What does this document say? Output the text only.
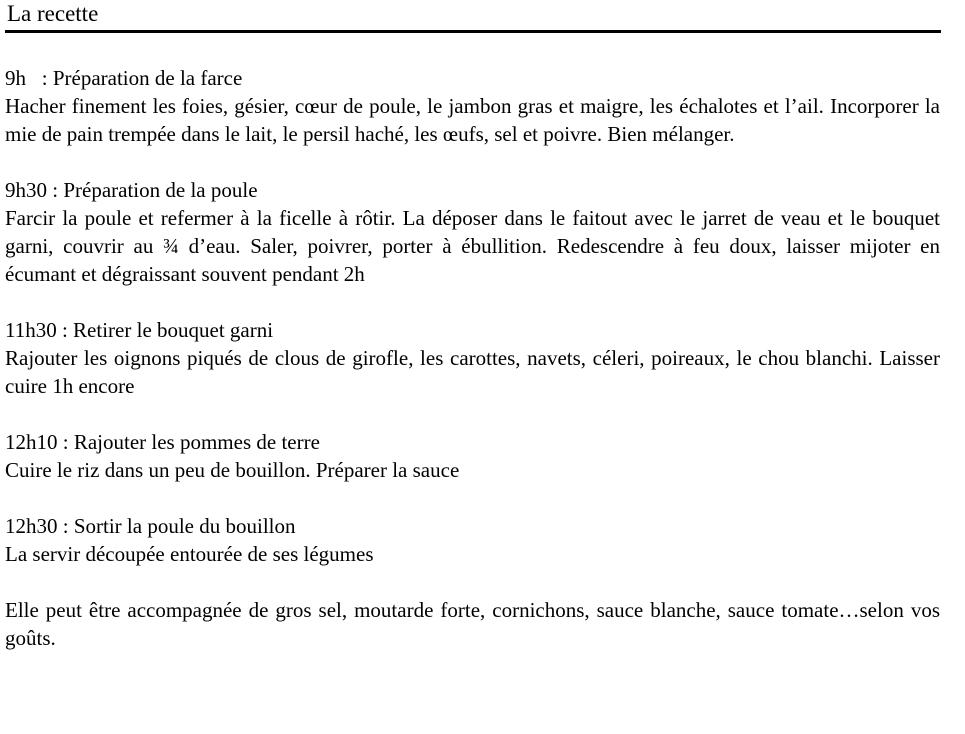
La recette

9h   : Préparation de la farce

Hacher finement les foies, gésier, cœur de poule, le jambon gras et maigre, les échalotes et l’ail. Incorporer la mie de pain trempée dans le lait, le persil haché, les œufs, sel et poivre. Bien mélanger.

9h30 : Préparation de la poule

Farcir la poule et refermer à la ficelle à rôtir. La déposer dans le faitout avec le jarret de veau et le bouquet garni, couvrir au ¾ d’eau. Saler, poivrer, porter à ébullition. Redescendre à feu doux, laisser mijoter en écumant et dégraissant souvent pendant 2h

11h30 : Retirer le bouquet garni

Rajouter les oignons piqués de clous de girofle, les carottes, navets, céleri, poireaux, le chou blanchi. Laisser cuire 1h encore

12h10 : Rajouter les pommes de terre

Cuire le riz dans un peu de bouillon. Préparer la sauce

12h30 : Sortir la poule du bouillon

La servir découpée entourée de ses légumes

Elle peut être accompagnée de gros sel, moutarde forte, cornichons, sauce blanche, sauce tomate…selon vos goûts.
